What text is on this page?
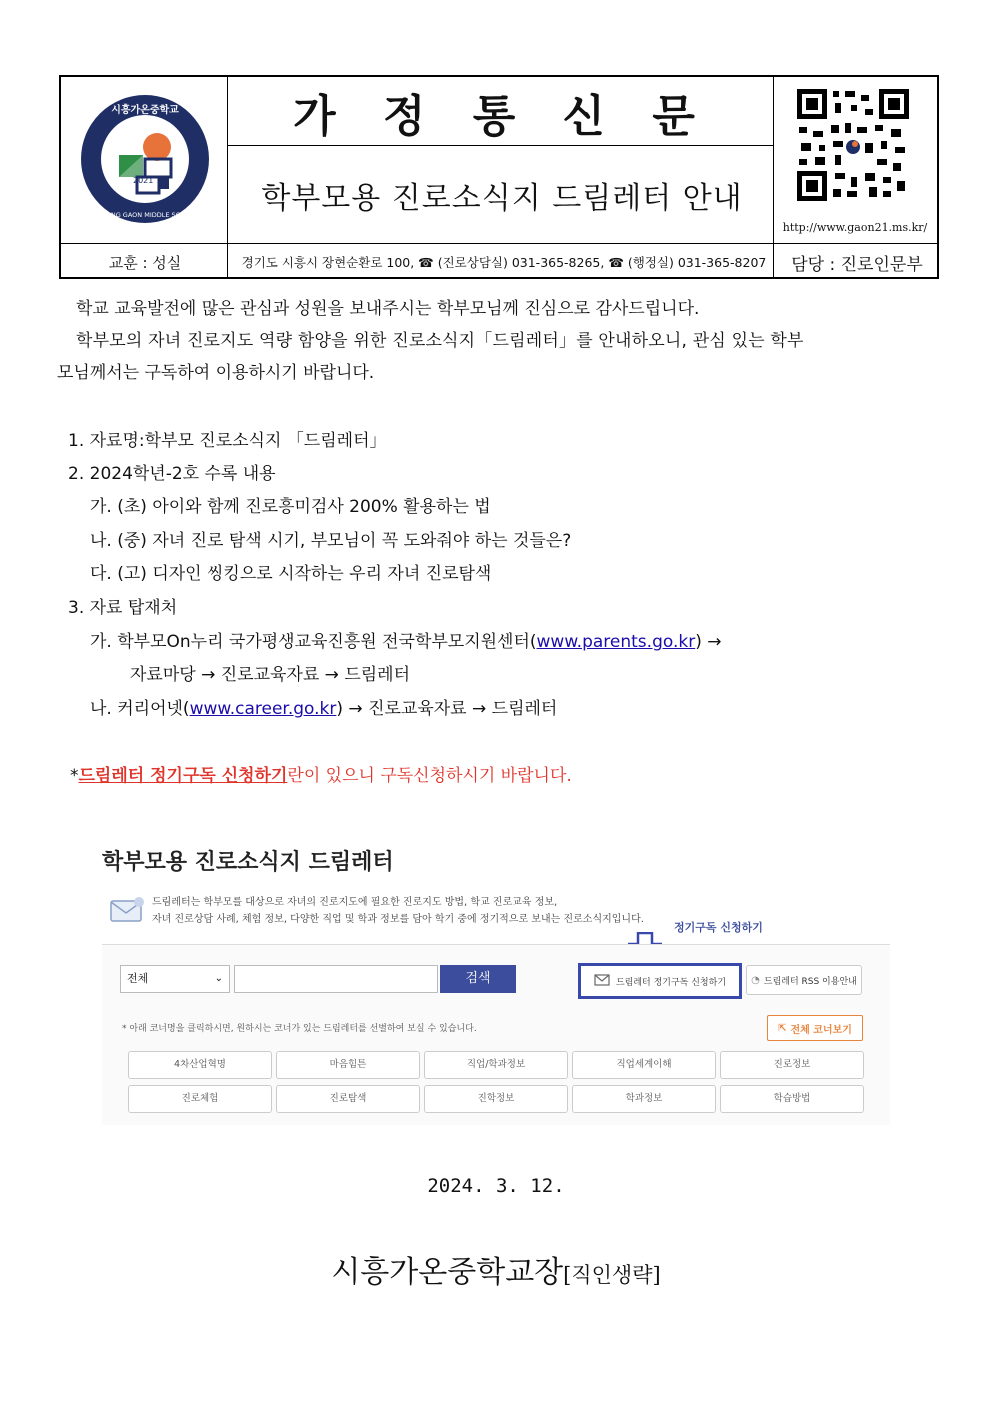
2021
시흥가온중학교
SIHEUNG GAON MIDDLE SCHOOL
가 정 통 신 문
학부모용 진로소식지 드림레터 안내
http://www.gaon21.ms.kr/
교훈 : 성실	경기도 시흥시 장현순환로 100, ☎ (진로상담실) 031-365-8265, ☎ (행정실) 031-365-8207	담당 : 진로인문부
학교 교육발전에 많은 관심과 성원을 보내주시는 학부모님께 진심으로 감사드립니다.
학부모의 자녀 진로지도 역량 함양을 위한 진로소식지「드림레터」를 안내하오니, 관심 있는 학부
모님께서는 구독하여 이용하시기 바랍니다.
1. 자료명:학부모 진로소식지 「드림레터」
2. 2024학년-2호 수록 내용
가. (초) 아이와 함께 진로흥미검사 200% 활용하는 법
나. (중) 자녀 진로 탐색 시기, 부모님이 꼭 도와줘야 하는 것들은?
다. (고) 디자인 씽킹으로 시작하는 우리 자녀 진로탐색
3. 자료 탑재처
가. 학부모On누리 국가평생교육진흥원 전국학부모지원센터(www.parents.go.kr) →
자료마당 → 진로교육자료 → 드림레터
나. 커리어넷(www.career.go.kr) → 진로교육자료 → 드림레터
*드림레터 정기구독 신청하기란이 있으니 구독신청하시기 바랍니다.
학부모용 진로소식지 드림레터
드림레터는 학부모를 대상으로 자녀의 진로지도에 필요한 진로지도 방법, 학교 진로교육 정보,
자녀 진로상담 사례, 체험 정보, 다양한 직업 및 학과 정보를 담아 학기 중에 정기적으로 보내는 진로소식지입니다.
정기구독 신청하기
전체	⌄	검색	드림레터 정기구독 신청하기	◔ 드림레터 RSS 이용안내
* 아래 코너명을 클릭하시면, 원하시는 코너가 있는 드림레터를 선별하여 보실 수 있습니다.	⇱ 전체 코너보기
4차산업혁명	마음힘튼	직업/학과정보	직업세계이해	진로정보
진로체험	진로탐색	진학정보	학과정보	학습방법
2024. 3. 12.
시흥가온중학교장[직인생략]
